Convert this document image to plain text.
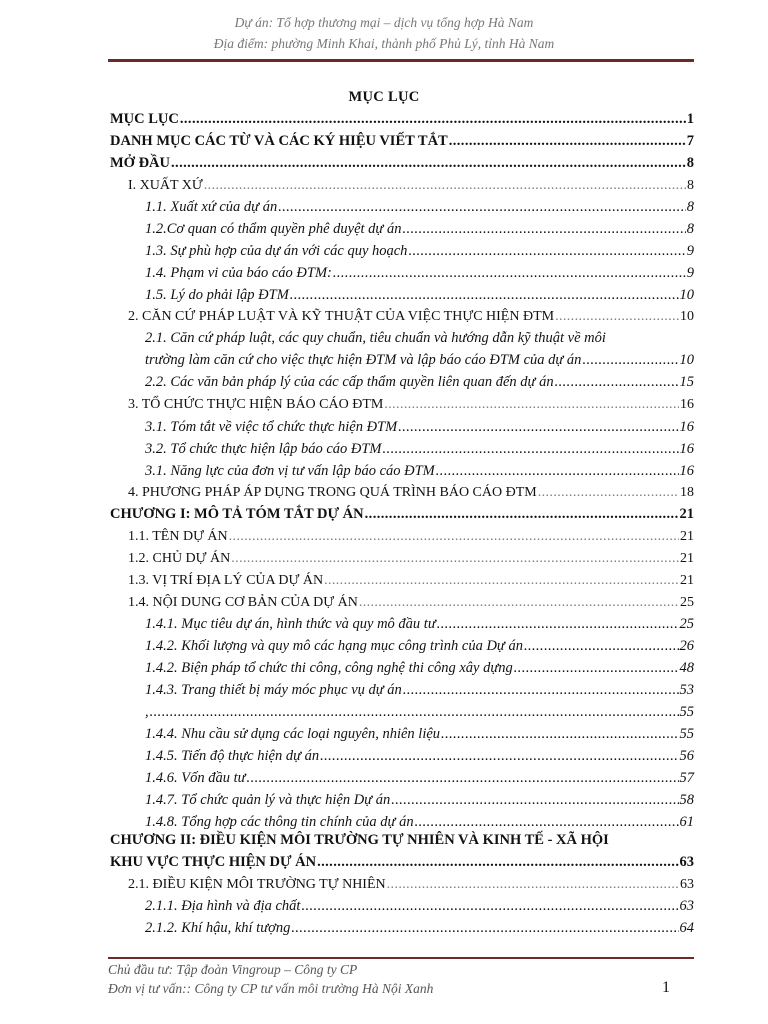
Dự án: Tổ hợp thương mại – dịch vụ tổng hợp Hà Nam
Địa điểm: phường Minh Khai, thành phố Phủ Lý, tỉnh Hà Nam
MỤC LỤC
MỤC LỤC .....	1
DANH MỤC CÁC TỪ VÀ CÁC KÝ HIỆU VIẾT TẮT .....	7
MỞ ĐẦU .....	8
I. XUẤT XỨ .....	8
1.1. Xuất xứ của dự án .....	8
1.2.Cơ quan có thẩm quyền phê duyệt dự án .....	8
1.3. Sự phù hợp của dự án với các quy hoạch .....	9
1.4. Phạm vi của báo cáo ĐTM: .....	9
1.5. Lý do phải lập ĐTM .....	10
2. CĂN CỨ PHÁP LUẬT VÀ KỸ THUẬT CỦA VIỆC THỰC HIỆN ĐTM .....	10
2.1. Căn cứ pháp luật, các quy chuẩn, tiêu chuẩn và hướng dẫn kỹ thuật về môi
trường làm căn cứ cho việc thực hiện ĐTM và lập báo cáo ĐTM của dự án .....	10
2.2. Các văn bản pháp lý của các cấp thẩm quyền liên quan đến dự án .....	15
3. TỔ CHỨC THỰC HIỆN BÁO CÁO ĐTM .....	16
3.1. Tóm tắt về việc tổ chức thực hiện ĐTM .....	16
3.2. Tổ chức thực hiện lập báo cáo ĐTM .....	16
3.1. Năng lực của đơn vị tư vấn lập báo cáo ĐTM .....	16
4. PHƯƠNG PHÁP ÁP DỤNG TRONG QUÁ TRÌNH BÁO CÁO ĐTM .....	18
CHƯƠNG I: MÔ TẢ TÓM TẮT DỰ ÁN .....	21
1.1. TÊN DỰ ÁN .....	21
1.2. CHỦ DỰ ÁN .....	21
1.3. VỊ TRÍ ĐỊA LÝ CỦA DỰ ÁN .....	21
1.4. NỘI DUNG CƠ BẢN CỦA DỰ ÁN .....	25
1.4.1. Mục tiêu dự án, hình thức và quy mô đầu tư .....	25
1.4.2. Khối lượng và quy mô các hạng mục công trình của Dự án .....	26
1.4.2. Biện pháp tổ chức thi công, công nghệ thi công xây dựng .....	48
1.4.3. Trang thiết bị máy móc phục vụ dự án .....	53
, .....	55
1.4.4. Nhu cầu sử dụng các loại nguyên, nhiên liệu .....	55
1.4.5. Tiến độ thực hiện dự án .....	56
1.4.6. Vốn đầu tư .....	57
1.4.7. Tổ chức quản lý và thực hiện Dự án .....	58
1.4.8. Tổng hợp các thông tin chính của dự án .....	61
CHƯƠNG II: ĐIỀU KIỆN MÔI TRƯỜNG TỰ NHIÊN VÀ KINH TẾ - XÃ HỘI
KHU VỰC THỰC HIỆN DỰ ÁN .....	63
2.1. ĐIỀU KIỆN MÔI TRƯỜNG TỰ NHIÊN .....	63
2.1.1. Địa hình và địa chất .....	63
2.1.2. Khí hậu, khí tượng .....	64
Chủ đầu tư: Tập đoàn Vingroup – Công ty CP
Đơn vị tư vấn:: Công ty CP tư vấn môi trường Hà Nội Xanh	1
